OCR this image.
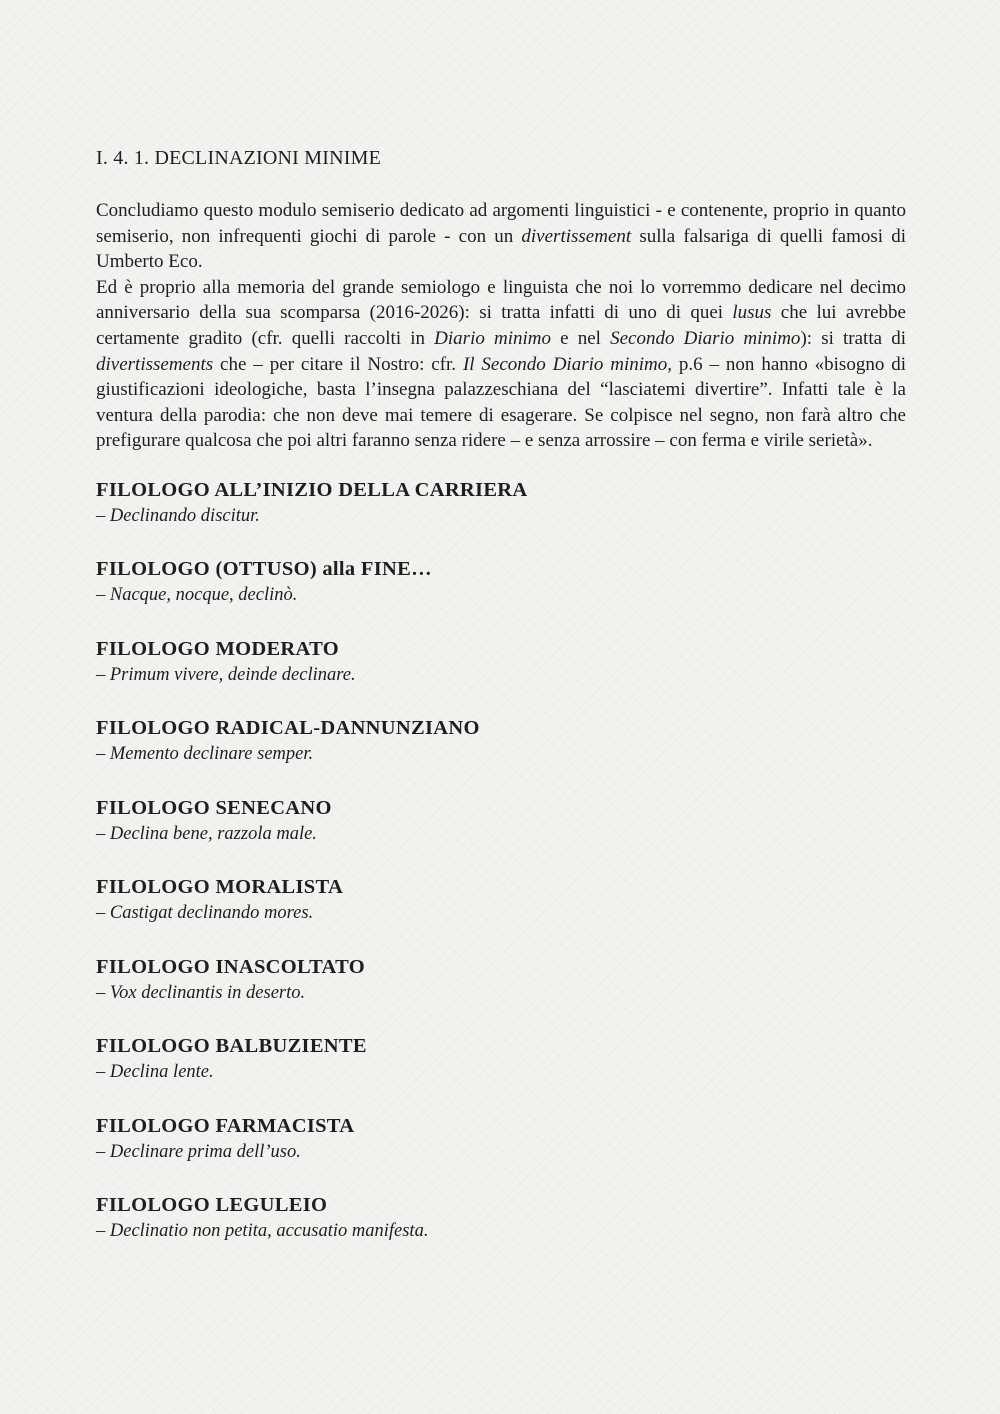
I. 4. 1. DECLINAZIONI MINIME

Concludiamo questo modulo semiserio dedicato ad argomenti linguistici - e contenente, proprio in quanto semiserio, non infrequenti giochi di parole - con un divertissement sulla falsariga di quelli famosi di Umberto Eco.

Ed è proprio alla memoria del grande semiologo e linguista che noi lo vorremmo dedicare nel decimo anniversario della sua scomparsa (2016-2026): si tratta infatti di uno di quei lusus che lui avrebbe certamente gradito (cfr. quelli raccolti in Diario minimo e nel Secondo Diario minimo): si tratta di divertissements che – per citare il Nostro: cfr. Il Secondo Diario minimo, p.6 – non hanno «bisogno di giustificazioni ideologiche, basta l’insegna palazzeschiana del “lasciatemi divertire”. Infatti tale è la ventura della parodia: che non deve mai temere di esagerare. Se colpisce nel segno, non farà altro che prefigurare qualcosa che poi altri faranno senza ridere – e senza arrossire – con ferma e virile serietà».

FILOLOGO ALL’INIZIO DELLA CARRIERA
– Declinando discitur.
FILOLOGO (OTTUSO) alla FINE…
– Nacque, nocque, declinò.
FILOLOGO MODERATO
– Primum vivere, deinde declinare.
FILOLOGO RADICAL-DANNUNZIANO
– Memento declinare semper.
FILOLOGO SENECANO
– Declina bene, razzola male.
FILOLOGO MORALISTA
– Castigat declinando mores.
FILOLOGO INASCOLTATO
– Vox declinantis in deserto.
FILOLOGO BALBUZIENTE
– Declina lente.
FILOLOGO FARMACISTA
– Declinare prima dell’uso.
FILOLOGO LEGULEIO
– Declinatio non petita, accusatio manifesta.
